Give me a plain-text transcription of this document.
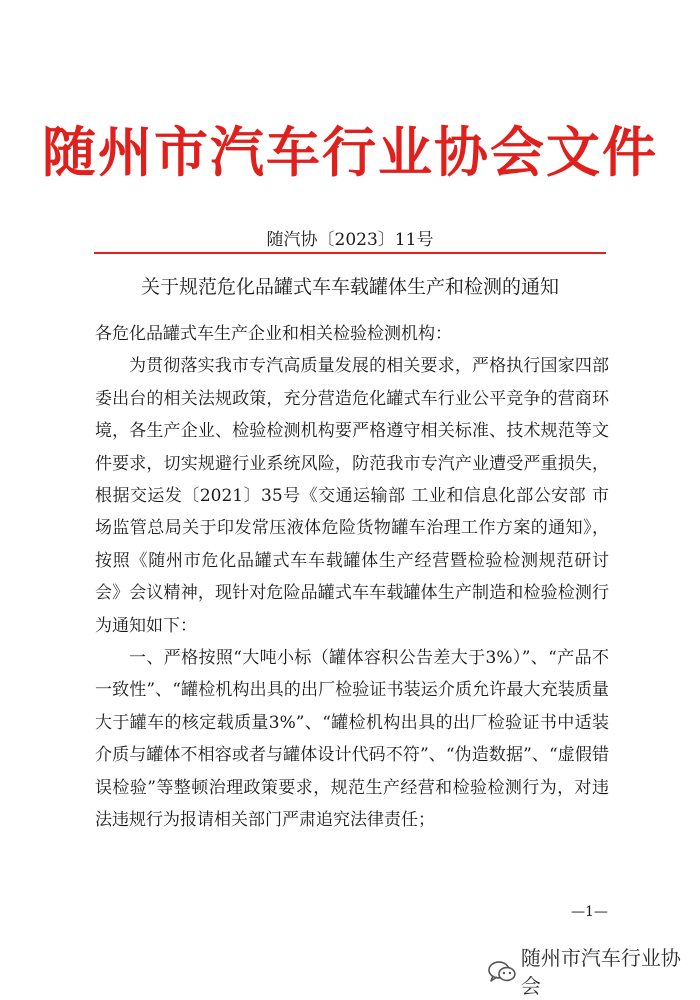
随州市汽车行业协会文件
随汽协〔2023〕11号
关于规范危化品罐式车车载罐体生产和检测的通知

各危化品罐式车生产企业和相关检验检测机构：

为贯彻落实我市专汽高质量发展的相关要求，严格执行国家四部委出台的相关法规政策，充分营造危化罐式车行业公平竞争的营商环境，各生产企业、检验检测机构要严格遵守相关标准、技术规范等文件要求，切实规避行业系统风险，防范我市专汽产业遭受严重损失，根据交运发〔2021〕35号《交通运输部 工业和信息化部公安部 市场监管总局关于印发常压液体危险货物罐车治理工作方案的通知》，按照《随州市危化品罐式车车载罐体生产经营暨检验检测规范研讨会》会议精神，现针对危险品罐式车车载罐体生产制造和检验检测行为通知如下：

一、严格按照“大吨小标（罐体容积公告差大于3%）”、“产品不一致性”、“罐检机构出具的出厂检验证书装运介质允许最大充装质量大于罐车的核定载质量3%”、“罐检机构出具的出厂检验证书中适装介质与罐体不相容或者与罐体设计代码不符”、“伪造数据”、“虚假错误检验”等整顿治理政策要求，规范生产经营和检验检测行为，对违法违规行为报请相关部门严肃追究法律责任；

—1—
随州市汽车行业协会
